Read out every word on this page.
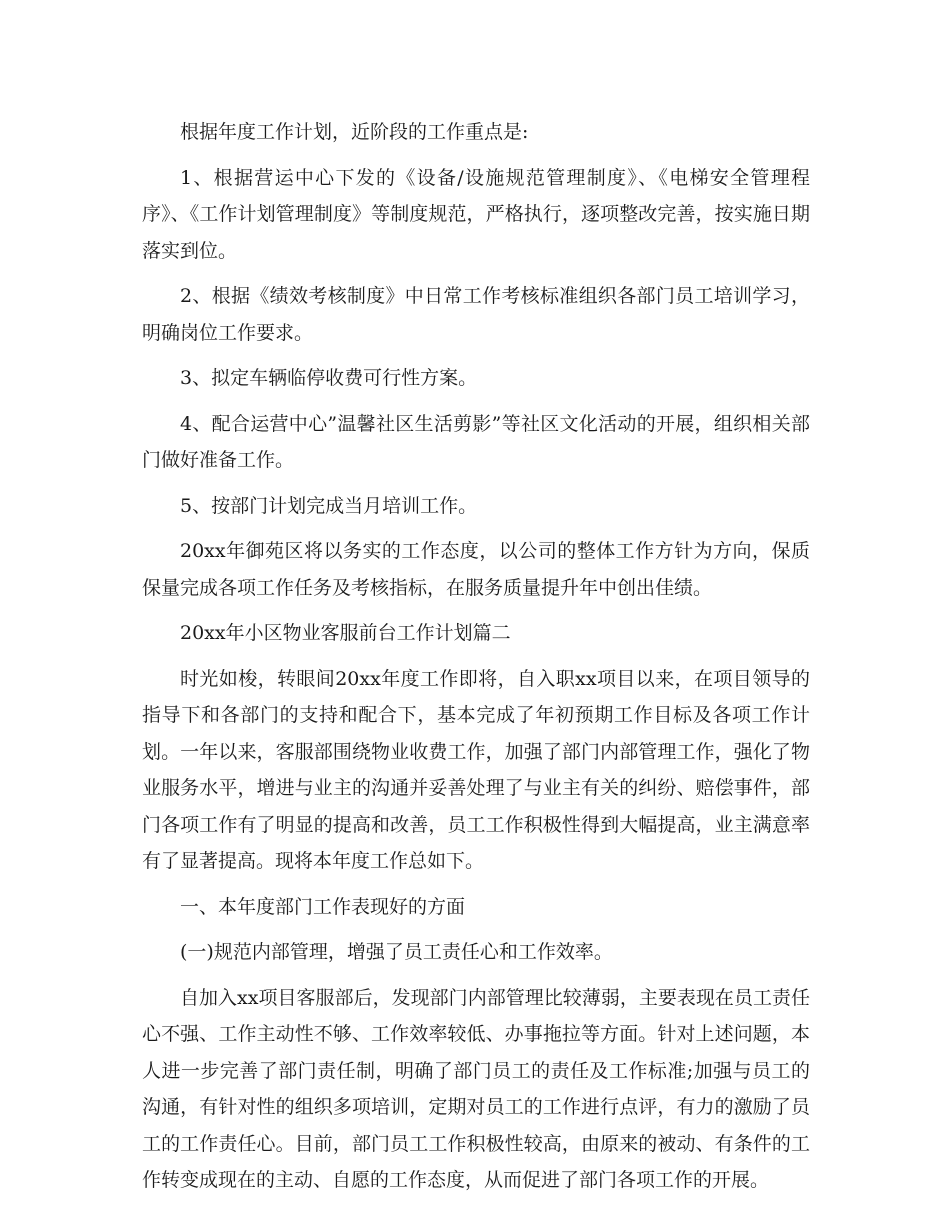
根据年度工作计划，近阶段的工作重点是:

1、根据营运中心下发的《设备/设施规范管理制度》、《电梯安全管理程序》、《工作计划管理制度》等制度规范，严格执行，逐项整改完善，按实施日期落实到位。

2、根据《绩效考核制度》中日常工作考核标准组织各部门员工培训学习，明确岗位工作要求。

3、拟定车辆临停收费可行性方案。

4、配合运营中心”温馨社区生活剪影”等社区文化活动的开展，组织相关部门做好准备工作。

5、按部门计划完成当月培训工作。

20xx年御苑区将以务实的工作态度，以公司的整体工作方针为方向，保质保量完成各项工作任务及考核指标，在服务质量提升年中创出佳绩。

20xx年小区物业客服前台工作计划篇二

时光如梭，转眼间20xx年度工作即将，自入职xx项目以来，在项目领导的指导下和各部门的支持和配合下，基本完成了年初预期工作目标及各项工作计划。一年以来，客服部围绕物业收费工作，加强了部门内部管理工作，强化了物业服务水平，增进与业主的沟通并妥善处理了与业主有关的纠纷、赔偿事件，部门各项工作有了明显的提高和改善，员工工作积极性得到大幅提高，业主满意率有了显著提高。现将本年度工作总如下。

一、本年度部门工作表现好的方面

(一)规范内部管理，增强了员工责任心和工作效率。

自加入xx项目客服部后，发现部门内部管理比较薄弱，主要表现在员工责任心不强、工作主动性不够、工作效率较低、办事拖拉等方面。针对上述问题，本人进一步完善了部门责任制，明确了部门员工的责任及工作标准;加强与员工的沟通，有针对性的组织多项培训，定期对员工的工作进行点评，有力的激励了员工的工作责任心。目前，部门员工工作积极性较高，由原来的被动、有条件的工作转变成现在的主动、自愿的工作态度，从而促进了部门各项工作的开展。
